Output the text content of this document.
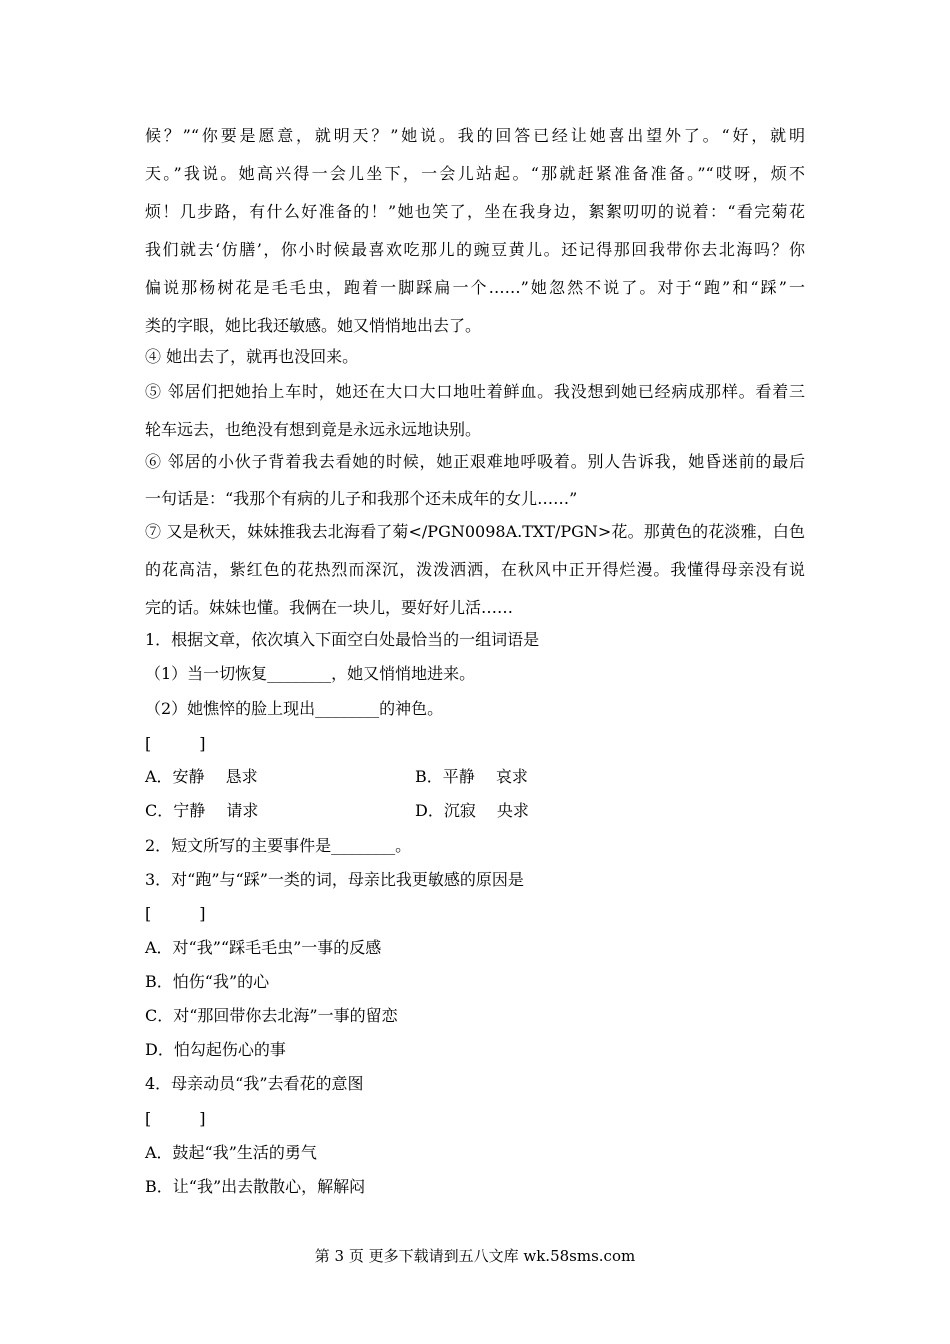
候？”“你要是愿意，就明天？”她说。我的回答已经让她喜出望外了。“好，就明
天。”我说。她高兴得一会儿坐下，一会儿站起。“那就赶紧准备准备。”“哎呀，烦不
烦！几步路，有什么好准备的！”她也笑了，坐在我身边，絮絮叨叨的说着：“看完菊花
我们就去‘仿膳’，你小时候最喜欢吃那儿的豌豆黄儿。还记得那回我带你去北海吗？你
偏说那杨树花是毛毛虫，跑着一脚踩扁一个……”她忽然不说了。对于“跑”和“踩”一
类的字眼，她比我还敏感。她又悄悄地出去了。
④ 她出去了，就再也没回来。
⑤ 邻居们把她抬上车时，她还在大口大口地吐着鲜血。我没想到她已经病成那样。看着三
轮车远去，也绝没有想到竟是永远永远地诀别。
⑥ 邻居的小伙子背着我去看她的时候，她正艰难地呼吸着。别人告诉我，她昏迷前的最后
一句话是：“我那个有病的儿子和我那个还未成年的女儿……”
⑦ 又是秋天，妹妹推我去北海看了菊</PGN0098A.TXT/PGN>花。那黄色的花淡雅，白色
的花高洁，紫红色的花热烈而深沉，泼泼洒洒，在秋风中正开得烂漫。我懂得母亲没有说
完的话。妹妹也懂。我俩在一块儿，要好好儿活……
1．根据文章，依次填入下面空白处最恰当的一组词语是
（1）当一切恢复________，她又悄悄地进来。
（2）她憔悴的脸上现出________的神色。
[　　　]
A．安静　 恳求	B．平静　 哀求
C．宁静　 请求	D．沉寂　 央求
2．短文所写的主要事件是________。
3．对“跑”与“踩”一类的词，母亲比我更敏感的原因是
[　　　]
A．对“我”“踩毛毛虫”一事的反感
B．怕伤“我”的心
C．对“那回带你去北海”一事的留恋
D．怕勾起伤心的事
4．母亲动员“我”去看花的意图
[　　　]
A．鼓起“我”生活的勇气
B．让“我”出去散散心，解解闷
第 3 页 更多下载请到五八文库 wk.58sms.com
